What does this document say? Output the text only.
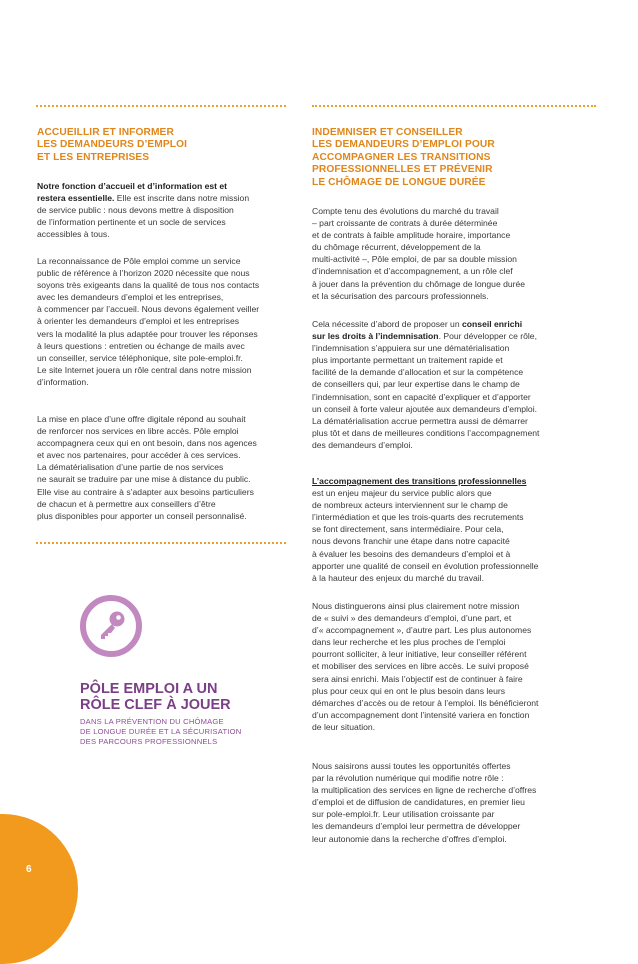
ACCUEILLIR ET INFORMER
LES DEMANDEURS D’EMPLOI
ET LES ENTREPRISES
Notre fonction d’accueil et d’information est et
restera essentielle. Elle est inscrite dans notre mission
de service public : nous devons mettre à disposition
de l’information pertinente et un socle de services
accessibles à tous.
La reconnaissance de Pôle emploi comme un service
public de référence à l’horizon 2020 nécessite que nous
soyons très exigeants dans la qualité de tous nos contacts
avec les demandeurs d’emploi et les entreprises,
à commencer par l’accueil. Nous devons également veiller
à orienter les demandeurs d’emploi et les entreprises
vers la modalité la plus adaptée pour trouver les réponses
à leurs questions : entretien ou échange de mails avec
un conseiller, service téléphonique, site pole-emploi.fr.
Le site Internet jouera un rôle central dans notre mission
d’information.
La mise en place d’une offre digitale répond au souhait
de renforcer nos services en libre accès. Pôle emploi
accompagnera ceux qui en ont besoin, dans nos agences
et avec nos partenaires, pour accéder à ces services.
La dématérialisation d’une partie de nos services
ne saurait se traduire par une mise à distance du public.
Elle vise au contraire à s’adapter aux besoins particuliers
de chacun et à permettre aux conseillers d’être
plus disponibles pour apporter un conseil personnalisé.
PÔLE EMPLOI A UN
RÔLE CLEF À JOUER
DANS LA PRÉVENTION DU CHÔMAGE
DE LONGUE DURÉE ET LA SÉCURISATION
DES PARCOURS PROFESSIONNELS
INDEMNISER ET CONSEILLER
LES DEMANDEURS D’EMPLOI POUR
ACCOMPAGNER LES TRANSITIONS
PROFESSIONNELLES ET PRÉVENIR
LE CHÔMAGE DE LONGUE DURÉE
Compte tenu des évolutions du marché du travail
– part croissante de contrats à durée déterminée
et de contrats à faible amplitude horaire, importance
du chômage récurrent, développement de la
multi-activité –, Pôle emploi, de par sa double mission
d’indemnisation et d’accompagnement, a un rôle clef
à jouer dans la prévention du chômage de longue durée
et la sécurisation des parcours professionnels.
Cela nécessite d’abord de proposer un conseil enrichi
sur les droits à l’indemnisation. Pour développer ce rôle,
l’indemnisation s’appuiera sur une dématérialisation
plus importante permettant un traitement rapide et
facilité de la demande d’allocation et sur la compétence
de conseillers qui, par leur expertise dans le champ de
l’indemnisation, sont en capacité d’expliquer et d’apporter
un conseil à forte valeur ajoutée aux demandeurs d’emploi.
La dématérialisation accrue permettra aussi de démarrer
plus tôt et dans de meilleures conditions l’accompagnement
des demandeurs d’emploi.
L’accompagnement des transitions professionnelles
est un enjeu majeur du service public alors que
de nombreux acteurs interviennent sur le champ de
l’intermédiation et que les trois-quarts des recrutements
se font directement, sans intermédiaire. Pour cela,
nous devons franchir une étape dans notre capacité
à évaluer les besoins des demandeurs d’emploi et à
apporter une qualité de conseil en évolution professionnelle
à la hauteur des enjeux du marché du travail.
Nous distinguerons ainsi plus clairement notre mission
de « suivi » des demandeurs d’emploi, d’une part, et
d’« accompagnement », d’autre part. Les plus autonomes
dans leur recherche et les plus proches de l’emploi
pourront solliciter, à leur initiative, leur conseiller référent
et mobiliser des services en libre accès. Le suivi proposé
sera ainsi enrichi. Mais l’objectif est de continuer à faire
plus pour ceux qui en ont le plus besoin dans leurs
démarches d’accès ou de retour à l’emploi. Ils bénéficieront
d’un accompagnement dont l’intensité variera en fonction
de leur situation.
Nous saisirons aussi toutes les opportunités offertes
par la révolution numérique qui modifie notre rôle :
la multiplication des services en ligne de recherche d’offres
d’emploi et de diffusion de candidatures, en premier lieu
sur pole-emploi.fr. Leur utilisation croissante par
les demandeurs d’emploi leur permettra de développer
leur autonomie dans la recherche d’offres d’emploi.
6
